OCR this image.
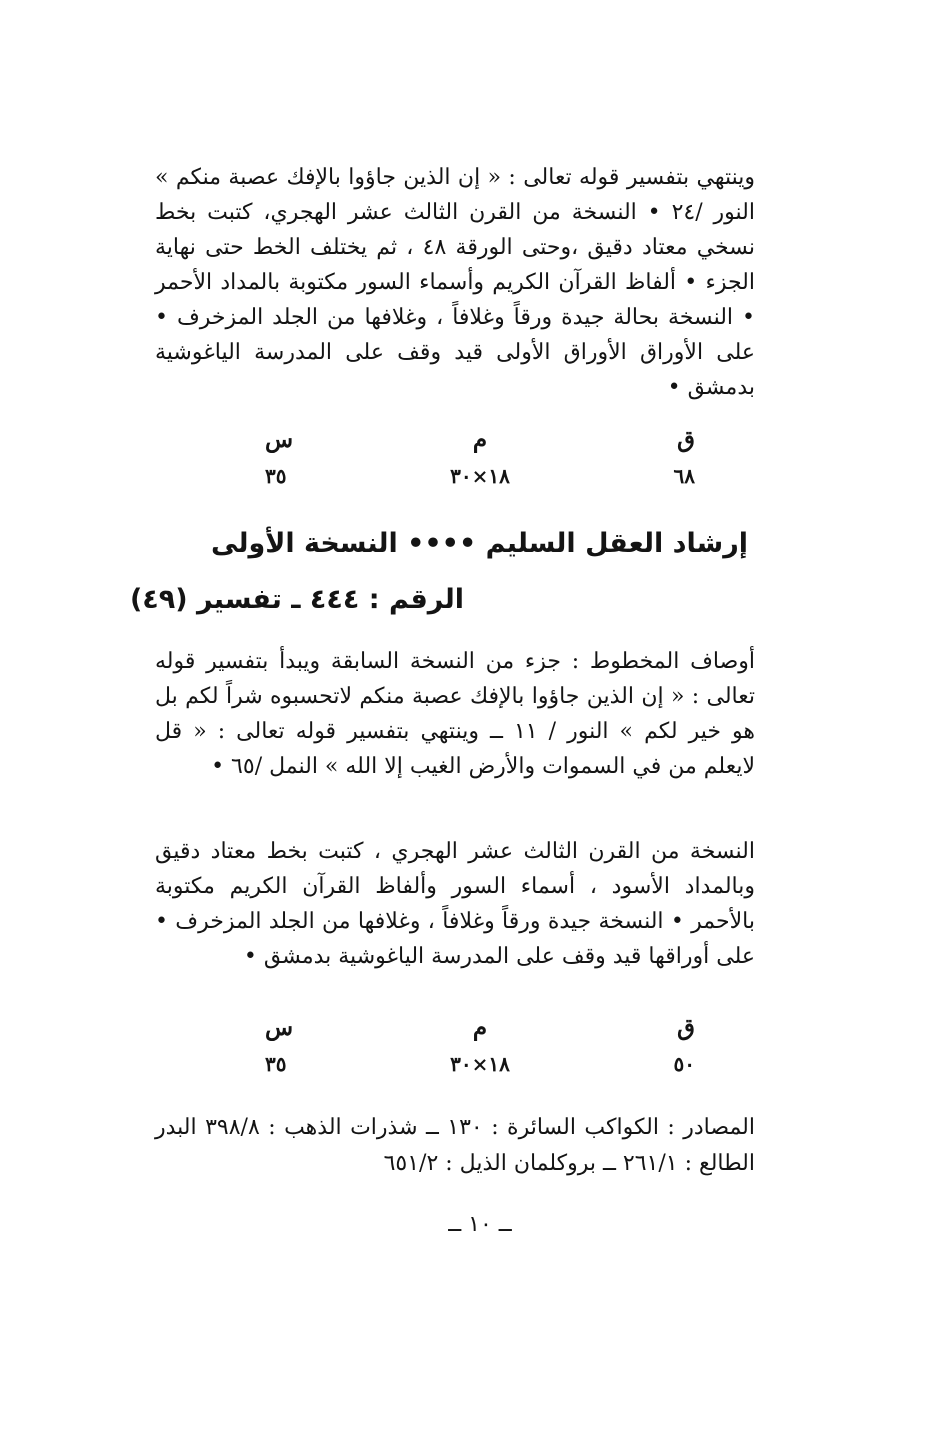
وينتهي بتفسير قوله تعالى : « إن الذين جاؤوا بالإفك عصبة منكم » النور /٢٤ • النسخة من القرن الثالث عشر الهجري، كتبت بخط نسخي معتاد دقيق ،وحتى الورقة ٤٨ ، ثم يختلف الخط حتى نهاية الجزء • ألفاظ القرآن الكريم وأسماء السور مكتوبة بالمداد الأحمر • النسخة بحالة جيدة ورقاً وغلافاً ، وغلافها من الجلد المزخرف • على الأوراق الأوراق الأولى قيد وقف على المدرسة الياغوشية بدمشق •

ق
م
س
٦٨
١٨×٣٠
٣٥
إرشاد العقل السليم •••• النسخة الأولى
الرقم : ٤٤٤ ـ تفسير (٤٩)

أوصاف المخطوط : جزء من النسخة السابقة ويبدأ بتفسير قوله تعالى : « إن الذين جاؤوا بالإفك عصبة منكم لاتحسبوه شراً لكم بل هو خير لكم » النور / ١١ ــ وينتهي بتفسير قوله تعالى : « قل لايعلم من في السموات والأرض الغيب إلا الله » النمل /٦٥ •

النسخة من القرن الثالث عشر الهجري ، كتبت بخط معتاد دقيق وبالمداد الأسود ، أسماء السور وألفاظ القرآن الكريم مكتوبة بالأحمر • النسخة جيدة ورقاً وغلافاً ، وغلافها من الجلد المزخرف • على أوراقها قيد وقف على المدرسة الياغوشية بدمشق •

ق
م
س
٥٠
١٨×٣٠
٣٥

المصادر : الكواكب السائرة : ١٣٠ ــ شذرات الذهب : ٣٩٨/٨ البدر الطالع : ٢٦١/١ ــ بروكلمان الذيل : ٦٥١/٢

ــ ١٠ ــ
